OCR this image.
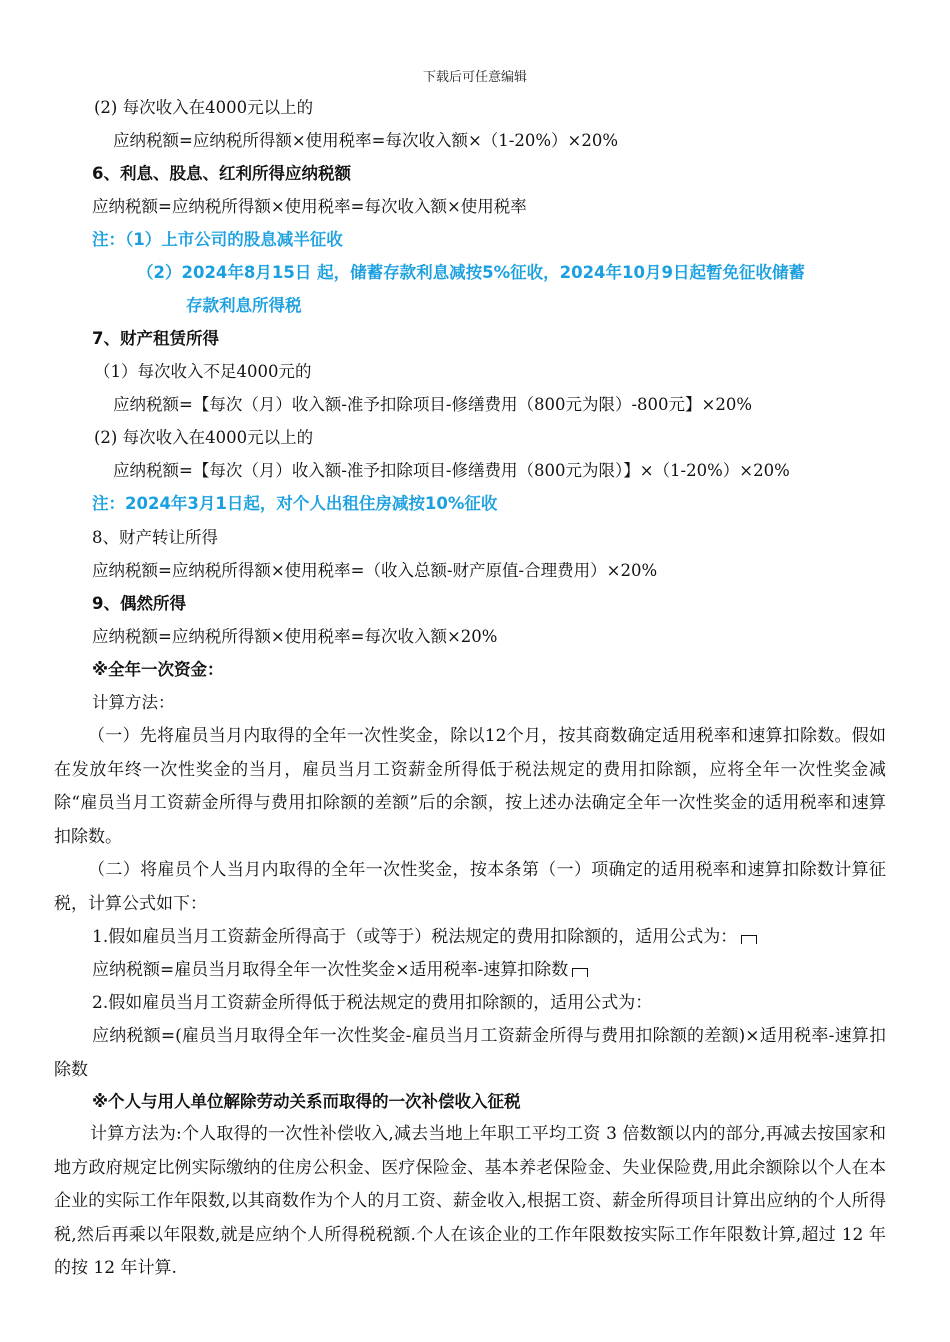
下载后可任意编辑
(2) 每次收入在4000元以上的
应纳税额=应纳税所得额×使用税率=每次收入额×（1-20%）×20%
6、利息、股息、红利所得应纳税额
应纳税额=应纳税所得额×使用税率=每次收入额×使用税率
注：（1）上市公司的股息减半征收
（2）2024年8月15日 起，储蓄存款利息减按5%征收，2024年10月9日起暂免征收储蓄
存款利息所得税
7、财产租赁所得
（1）每次收入不足4000元的
应纳税额=【每次（月）收入额-准予扣除项目-修缮费用（800元为限）-800元】×20%
(2) 每次收入在4000元以上的
应纳税额=【每次（月）收入额-准予扣除项目-修缮费用（800元为限）】×（1-20%）×20%
注：2024年3月1日起，对个人出租住房减按10%征收
8、财产转让所得
应纳税额=应纳税所得额×使用税率=（收入总额-财产原值-合理费用）×20%
9、偶然所得
应纳税额=应纳税所得额×使用税率=每次收入额×20%
※全年一次资金：
计算方法：
（一）先将雇员当月内取得的全年一次性奖金，除以12个月，按其商数确定适用税率和速算扣除数。假如在发放年终一次性奖金的当月，雇员当月工资薪金所得低于税法规定的费用扣除额，应将全年一次性奖金减除“雇员当月工资薪金所得与费用扣除额的差额”后的余额，按上述办法确定全年一次性奖金的适用税率和速算扣除数。
（二）将雇员个人当月内取得的全年一次性奖金，按本条第（一）项确定的适用税率和速算扣除数计算征税，计算公式如下：
1.假如雇员当月工资薪金所得高于（或等于）税法规定的费用扣除额的，适用公式为：
应纳税额=雇员当月取得全年一次性奖金×适用税率-速算扣除数
2.假如雇员当月工资薪金所得低于税法规定的费用扣除额的，适用公式为：
应纳税额=(雇员当月取得全年一次性奖金-雇员当月工资薪金所得与费用扣除额的差额)×适用税率-速算扣除数
※个人与用人单位解除劳动关系而取得的一次补偿收入征税
计算方法为:个人取得的一次性补偿收入,减去当地上年职工平均工资 3 倍数额以内的部分,再减去按国家和地方政府规定比例实际缴纳的住房公积金、医疗保险金、基本养老保险金、失业保险费,用此余额除以个人在本企业的实际工作年限数,以其商数作为个人的月工资、薪金收入,根据工资、薪金所得项目计算出应纳的个人所得税,然后再乘以年限数,就是应纳个人所得税税额.个人在该企业的工作年限数按实际工作年限数计算,超过 12 年的按 12 年计算.
